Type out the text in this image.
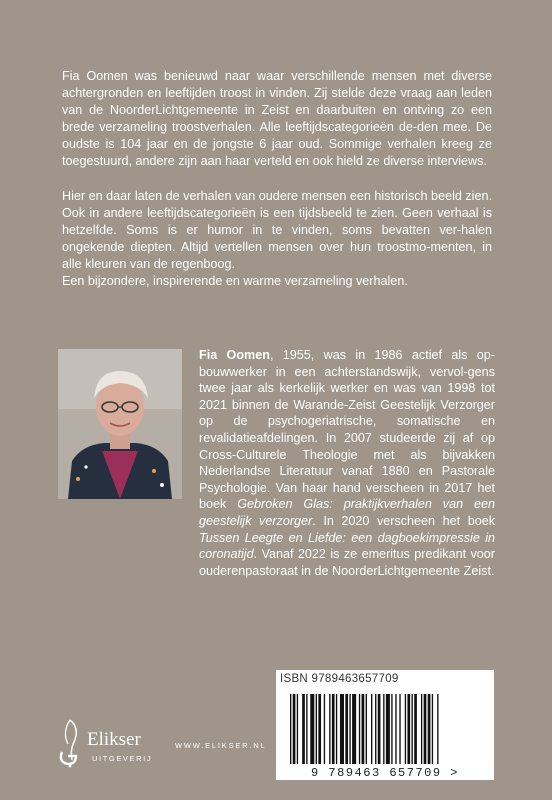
Fia Oomen was benieuwd naar waar verschillende mensen met diverse achtergronden en leeftijden troost in vinden. Zij stelde deze vraag aan leden van de NoorderLichtgemeente in Zeist en daarbuiten en ontving zo een brede verzameling troostverhalen. Alle leeftijdscategorieën de-den mee. De oudste is 104 jaar en de jongste 6 jaar oud. Sommige verhalen kreeg ze toegestuurd, andere zijn aan haar verteld en ook hield ze diverse interviews.

Hier en daar laten de verhalen van oudere mensen een historisch beeld zien. Ook in andere leeftijdscategorieën is een tijdsbeeld te zien. Geen verhaal is hetzelfde. Soms is er humor in te vinden, soms bevatten ver-halen ongekende diepten. Altijd vertellen mensen over hun troostmo-menten, in alle kleuren van de regenboog.

Een bijzondere, inspirerende en warme verzameling verhalen.

Fia Oomen, 1955, was in 1986 actief als op-bouwwerker in een achterstandswijk, vervol-gens twee jaar als kerkelijk werker en was van 1998 tot 2021 binnen de Warande-Zeist Geestelijk Verzorger op de psychogeriatrische, somatische en revalidatieafdelingen. In 2007 studeerde zij af op Cross-Culturele Theologie met als bijvakken Nederlandse Literatuur vanaf 1880 en Pastorale Psychologie. Van haar hand verscheen in 2017 het boek Gebroken Glas: praktijkverhalen van een geestelijk verzorger. In 2020 verscheen het boek Tussen Leegte en Liefde: een dagboekimpressie in coronatijd. Vanaf 2022 is ze emeritus predikant voor ouderenpastoraat in de NoorderLichtgemeente Zeist.
ISBN 9789463657709
9 789463 657709 >
Elikser
UITGEVERIJ
WWW.ELIKSER.NL
